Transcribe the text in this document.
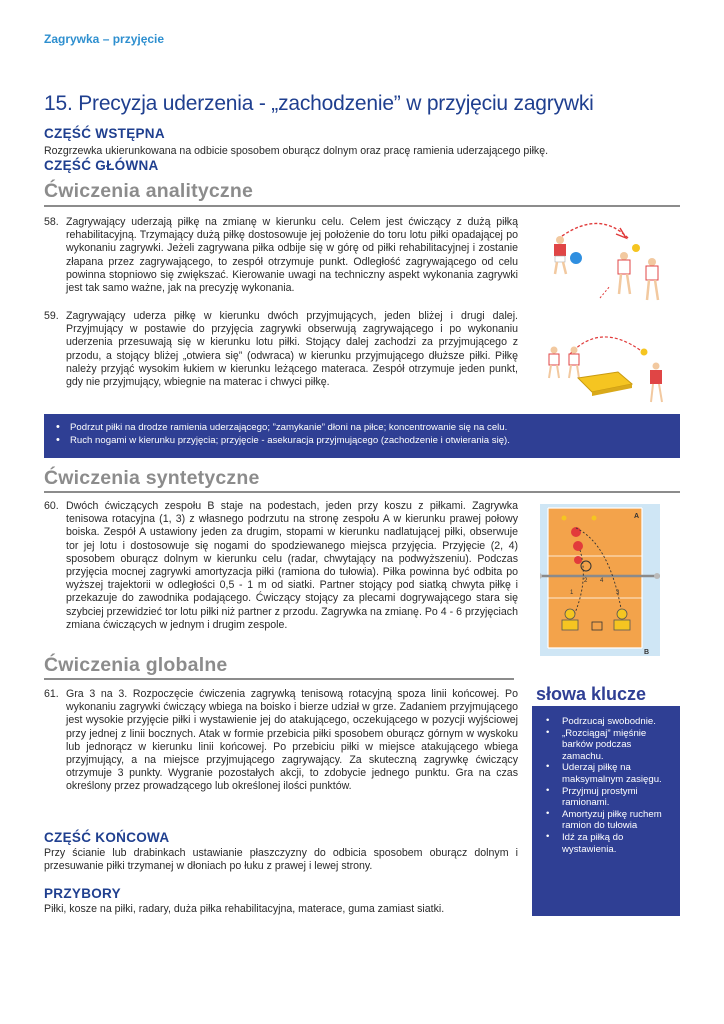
Zagrywka – przyjęcie
15. Precyzja uderzenia - „zachodzenie” w przyjęciu zagrywki
CZĘŚĆ WSTĘPNA
Rozgrzewka ukierunkowana na odbicie sposobem oburącz dolnym oraz pracę ramienia uderzającego piłkę.
CZĘŚĆ GŁÓWNA
Ćwiczenia analityczne
58. Zagrywający uderzają piłkę na zmianę w kierunku celu. Celem jest ćwiczący z dużą piłką rehabilitacyjną. Trzymający dużą piłkę dostosowuje jej położenie do toru lotu piłki opadającej po wykonaniu zagrywki. Jeżeli zagrywana piłka odbije się w górę od piłki rehabilitacyjnej i zostanie złapana przez zagrywającego, to zespół otrzymuje punkt. Odległość zagrywającego od celu powinna stopniowo się zwiększać. Kierowanie uwagi na techniczny aspekt wykonania zagrywki jest tak samo ważne, jak na precyzję wykonania.
59. Zagrywający uderza piłkę w kierunku dwóch przyjmujących, jeden bliżej i drugi dalej. Przyjmujący w postawie do przyjęcia zagrywki obserwują zagrywającego i po wykonaniu uderzenia przesuwają się w kierunku lotu piłki. Stojący dalej zachodzi za przyjmującego z przodu, a stojący bliżej „otwiera się” (odwraca) w kierunku przyjmującego dłuższe piłki. Piłkę należy przyjąć wysokim łukiem w kierunku leżącego materaca. Zespół otrzymuje jeden punkt, gdy nie przyjmujący, wbiegnie na materac i chwyci piłkę.
• Podrzut piłki na drodze ramienia uderzającego; ”zamykanie” dłoni na piłce; koncentrowanie się na celu.
• Ruch nogami w kierunku przyjęcia; przyjęcie - asekuracja przyjmującego (zachodzenie i otwierania się).
Ćwiczenia syntetyczne
60. Dwóch ćwiczących zespołu B staje na podestach, jeden przy koszu z piłkami. Zagrywka tenisowa rotacyjna (1, 3) z własnego podrzutu na stronę zespołu A w kierunku prawej połowy boiska. Zespół A ustawiony jeden za drugim, stopami w kierunku nadlatującej piłki, obserwuje tor jej lotu i dostosowuje się nogami do spodziewanego miejsca przyjęcia. Przyjęcie (2, 4) sposobem oburącz dolnym w kierunku celu (radar, chwytający na podwyższeniu). Podczas przyjęcia mocnej zagrywki amortyzacja piłki (ramiona do tułowia). Piłka powinna być odbita po wyższej trajektorii w odległości 0,5 - 1 m od siatki. Partner stojący pod siatką chwyta piłkę i przekazuje do zawodnika podającego. Ćwiczący stojący za plecami dogrywającego stara się szybciej przewidzieć tor lotu piłki niż partner z przodu. Zagrywka na zmianę. Po 4 - 6 przyjęciach zmiana ćwiczących w jednym i drugim zespole.
A
B
1
2
3
4
Ćwiczenia globalne
61. Gra 3 na 3. Rozpoczęcie ćwiczenia zagrywką tenisową rotacyjną spoza linii końcowej. Po wykonaniu zagrywki ćwiczący wbiega na boisko i bierze udział w grze. Zadaniem przyjmującego jest wysokie przyjęcie piłki i wystawienie jej do atakującego, oczekującego w pozycji wyjściowej przy jednej z linii bocznych. Atak w formie przebicia piłki sposobem oburącz górnym w wyskoku lub jednorącz w kierunku linii końcowej. Po przebiciu piłki w miejsce atakującego wbiega przyjmujący, a na miejsce przyjmującego zagrywający. Za skuteczną zagrywkę ćwiczący otrzymuje 3 punkty. Wygranie pozostałych akcji, to zdobycie jednego punktu. Gra na czas określony przez prowadzącego lub określonej ilości punktów.
CZĘŚĆ KOŃCOWA
Przy ścianie lub drabinkach ustawianie płaszczyzny do odbicia sposobem oburącz dolnym i przesuwanie piłki trzymanej w dłoniach po łuku z prawej i lewej strony.
PRZYBORY
Piłki, kosze na piłki, radary, duża piłka rehabilitacyjna, materace, guma zamiast siatki.
słowa klucze
• Podrzucaj swobodnie.
• „Rozciągaj” mięśnie barków podczas zamachu.
• Uderzaj piłkę na maksymalnym zasięgu.
• Przyjmuj prostymi ramionami.
• Amortyzuj piłkę ruchem ramion do tułowia
• Idź za piłką do wystawienia.
